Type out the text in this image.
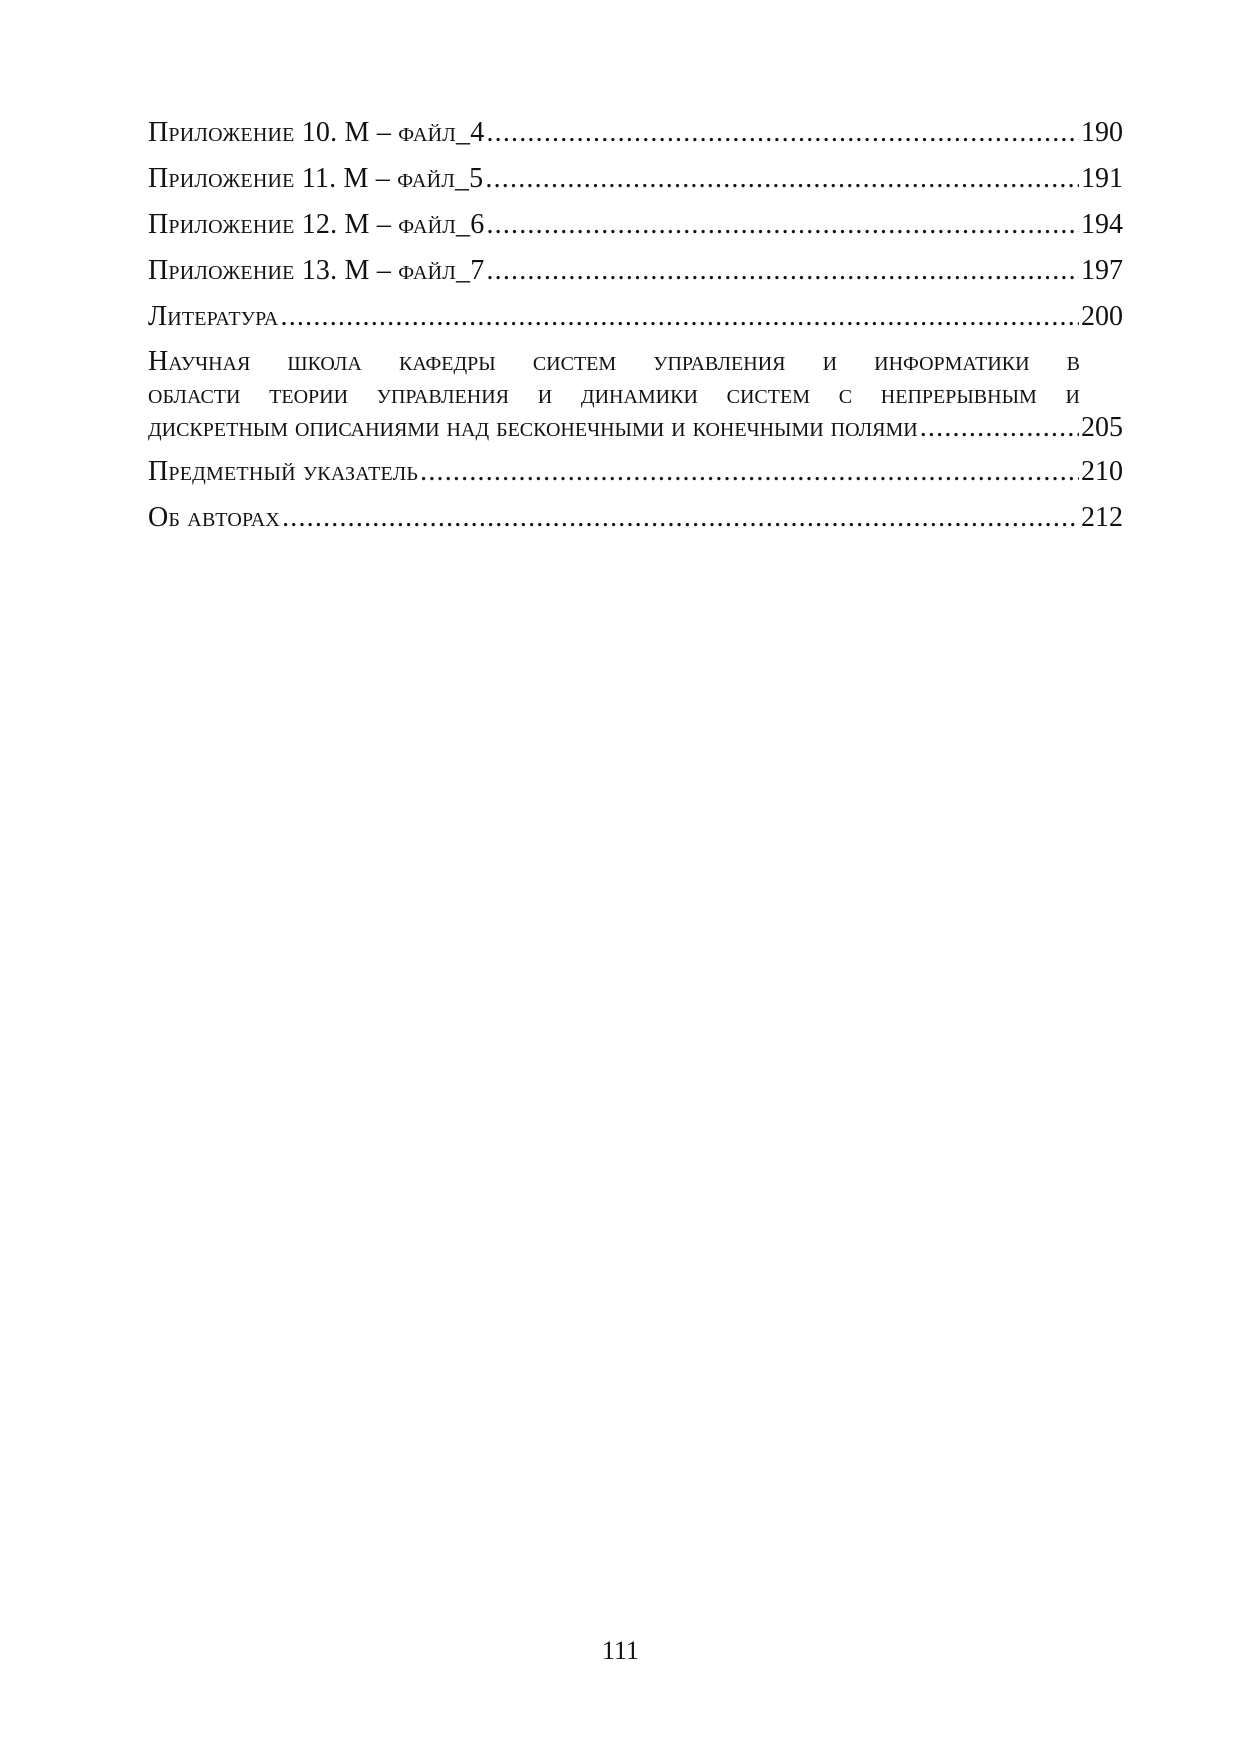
Приложение 10. М – файл_4 .....	190
Приложение 11. М – файл_5 .....	191
Приложение 12. М – файл_6 .....	194
Приложение 13. М – файл_7 .....	197
Литература .....	200
Научная школа кафедры систем управления и информатики в
области теории управления и динамики систем с непрерывным и
дискретным описаниями над бесконечными и конечными полями .....	205
Предметный указатель .....	210
Об авторах .....	212
111
